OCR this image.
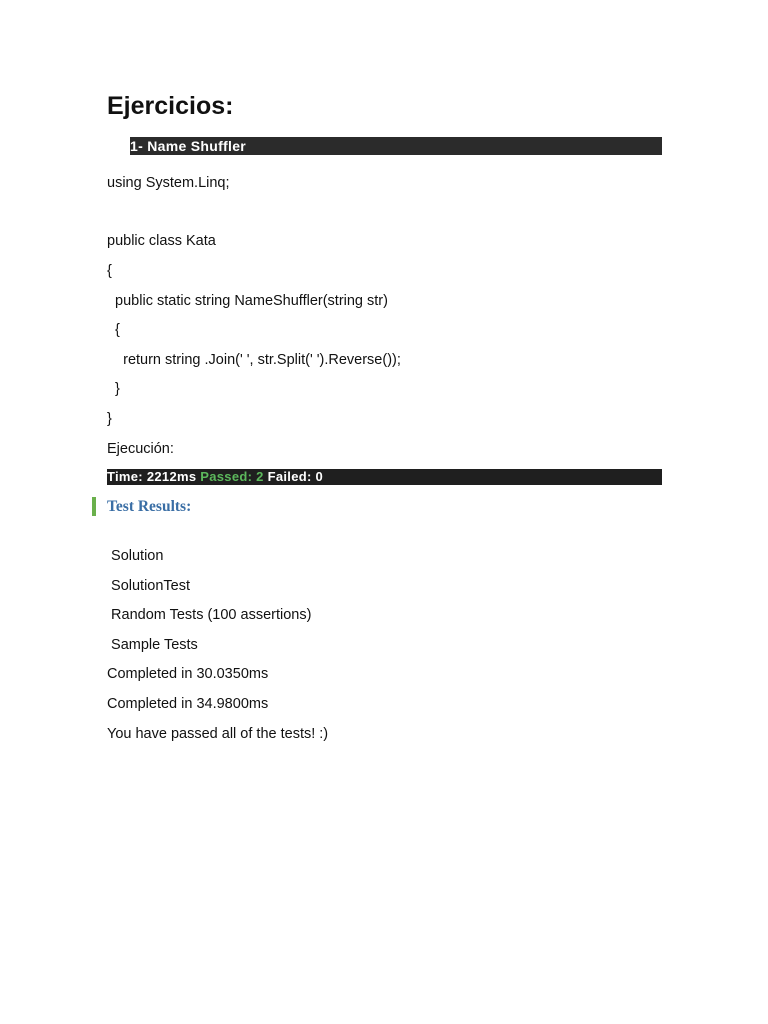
Ejercicios:
1- Name Shuffler
using System.Linq;
public class Kata
{
public static string NameShuffler(string str)
{
return string .Join(' ', str.Split(' ').Reverse());
}
}
Ejecución:
Time: 2212ms Passed: 2 Failed: 0
Test Results:
Solution
SolutionTest
Random Tests (100 assertions)
Sample Tests
Completed in 30.0350ms
Completed in 34.9800ms
You have passed all of the tests! :)
